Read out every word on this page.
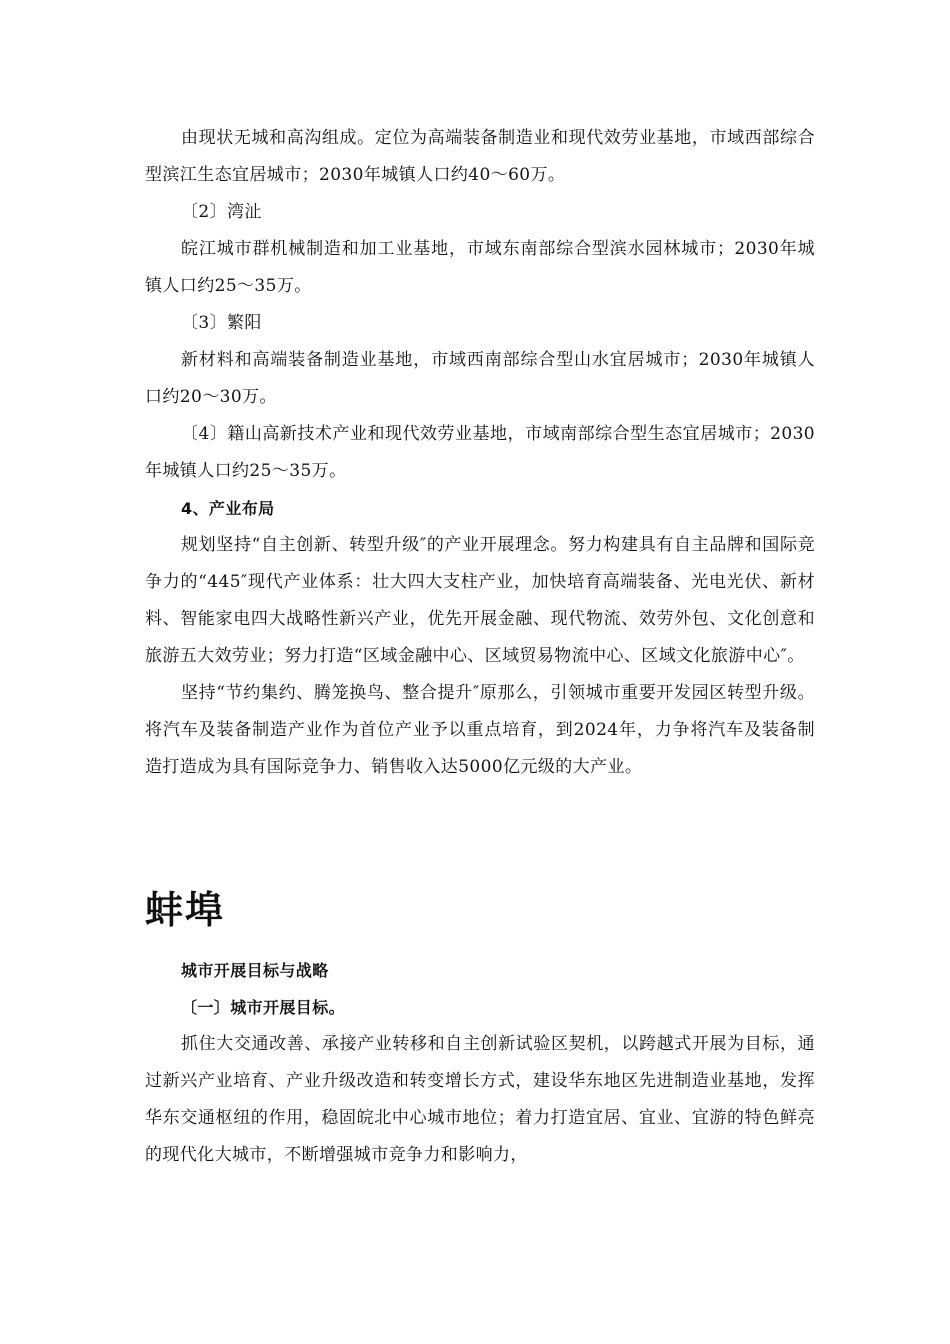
由现状无城和高沟组成。定位为高端装备制造业和现代效劳业基地，市域西部综合型滨江生态宜居城市；2030年城镇人口约40～60万。

〔2〕湾沚

皖江城市群机械制造和加工业基地，市域东南部综合型滨水园林城市；2030年城镇人口约25～35万。

〔3〕繁阳

新材料和高端装备制造业基地，市域西南部综合型山水宜居城市；2030年城镇人口约20～30万。

〔4〕籍山高新技术产业和现代效劳业基地，市域南部综合型生态宜居城市；2030年城镇人口约25～35万。

4、产业布局

规划坚持“自主创新、转型升级″的产业开展理念。努力构建具有自主品牌和国际竞争力的“445″现代产业体系：壮大四大支柱产业，加快培育高端装备、光电光伏、新材料、智能家电四大战略性新兴产业，优先开展金融、现代物流、效劳外包、文化创意和旅游五大效劳业；努力打造“区域金融中心、区域贸易物流中心、区域文化旅游中心″。

坚持“节约集约、腾笼换鸟、整合提升″原那么，引领城市重要开发园区转型升级。将汽车及装备制造产业作为首位产业予以重点培育，到2024年，力争将汽车及装备制造打造成为具有国际竞争力、销售收入达5000亿元级的大产业。

蚌埠

城市开展目标与战略

〔一〕城市开展目标。

抓住大交通改善、承接产业转移和自主创新试验区契机，以跨越式开展为目标，通过新兴产业培育、产业升级改造和转变增长方式，建设华东地区先进制造业基地，发挥华东交通枢纽的作用，稳固皖北中心城市地位；着力打造宜居、宜业、宜游的特色鲜亮的现代化大城市，不断增强城市竞争力和影响力，
